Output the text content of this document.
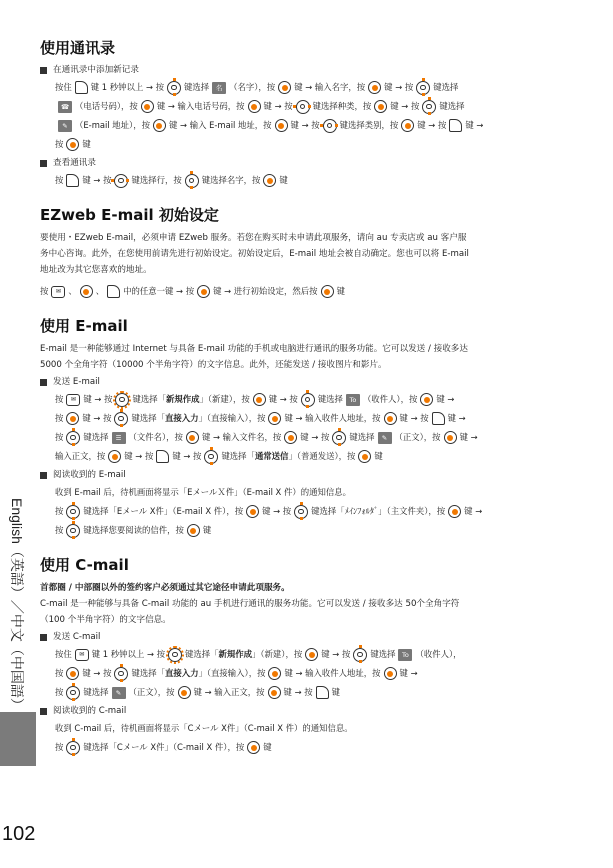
使用通讯录
在通讯录中添加新记录
按住 键 1 秒钟以上 → 按 键选择	名 （名字），按 键 → 输入名字，按 键 → 按 键选择
☎ （电话号码），按 键 → 输入电话号码，按 键 → 按 键选择种类，按 键 → 按 键选择
✎ （E-mail 地址），按 键 → 输入 E-mail 地址，按 键 → 按 键选择类别，按 键 → 按 键 →
按 键
查看通讯录
按 键 → 按 键选择行，按 键选择名字，按 键
EZweb E-mail 初始设定

要使用・EZweb E-mail，必须申请 EZweb 服务。若您在购买时未申请此项服务，请向 au 专卖店或 au 客户服

务中心咨询。此外，在您使用前请先进行初始设定。初始设定后，E-mail 地址会被自动确定。您也可以将 E-mail

地址改为其它您喜欢的地址。

按	✉ 、 、 中的任意一键 → 按 键 → 进行初始设定，然后按 键
使用 E-mail

E-mail 是一种能够通过 Internet 与具备 E-mail 功能的手机或电脑进行通讯的服务功能。它可以发送 / 接收多达

5000 个全角字符（10000 个半角字符）的文字信息。此外，还能发送 / 接收图片和影片。

发送 E-mail
按	✉ 键 → 按 键选择「 新規作成 」（新建），按 键 → 按 键选择	To （收件人），按 键 →
按 键 → 按 键选择「 直接入力 」（直接输入），按 键 → 输入收件人地址，按 键 → 按 键 →
按 键选择	☰ （文件名），按 键 → 输入文件名，按 键 → 按 键选择	✎ （正文），按 键 →
输入正文，按 键 → 按 键 → 按 键选择「 通常送信 」（普通发送），按 键
阅读收到的 E-mail
收到 E-mail 后，待机画面将显示「EメールＸ件」（E-mail X 件）的通知信息。
按 键选择「Eメール X件」（E-mail X 件），按 键 → 按 键选择「ﾒｲﾝﾌｫﾙﾀﾞ」（主文件夹），按 键 →
按 键选择您要阅读的信件，按 键
使用 C-mail

首都圈 / 中部圈以外的签约客户必须通过其它途径申请此项服务。

C-mail 是一种能够与具备 C-mail 功能的 au 手机进行通讯的服务功能。它可以发送 / 接收多达 50个全角字符

（100 个半角字符）的文字信息。

发送 C-mail
按住	✉ 键 1 秒钟以上 → 按 键选择「 新規作成 」（新建），按 键 → 按 键选择	To （收件人），
按 键 → 按 键选择「 直接入力 」（直接输入），按 键 → 输入收件人地址，按 键 →
按 键选择	✎ （正文），按 键 → 输入正文，按 键 → 按 键
阅读收到的 C-mail
收到 C-mail 后，待机画面将显示「Cメール X件」（C-mail X 件）的通知信息。
按 键选择「Cメール X件」（C-mail X 件），按 键
English（英語）／中文（中国語）
102
